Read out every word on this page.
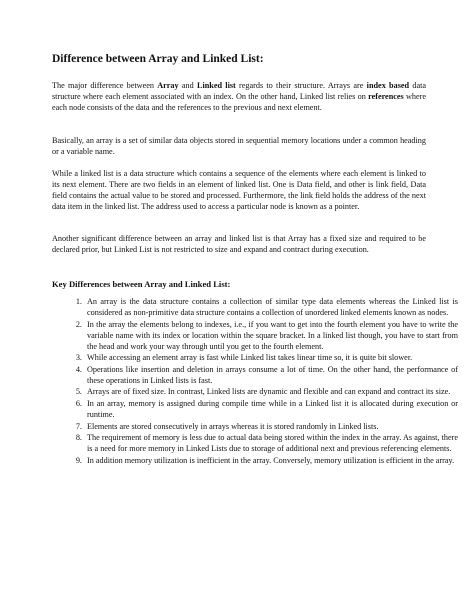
Difference between Array and Linked List:
The major difference between Array and Linked list regards to their structure. Arrays are index based data structure where each element associated with an index. On the other hand, Linked list relies on references where each node consists of the data and the references to the previous and next element.
Basically, an array is a set of similar data objects stored in sequential memory locations under a common heading or a variable name.
While a linked list is a data structure which contains a sequence of the elements where each element is linked to its next element. There are two fields in an element of linked list. One is Data field, and other is link field, Data field contains the actual value to be stored and processed. Furthermore, the link field holds the address of the next data item in the linked list. The address used to access a particular node is known as a pointer.
Another significant difference between an array and linked list is that Array has a fixed size and required to be declared prior, but Linked List is not restricted to size and expand and contract during execution.
Key Differences between Array and Linked List:
1. An array is the data structure contains a collection of similar type data elements whereas the Linked list is considered as non-primitive data structure contains a collection of unordered linked elements known as nodes.
2. In the array the elements belong to indexes, i.e., if you want to get into the fourth element you have to write the variable name with its index or location within the square bracket. In a linked list though, you have to start from the head and work your way through until you get to the fourth element.
3. While accessing an element array is fast while Linked list takes linear time so, it is quite bit slower.
4. Operations like insertion and deletion in arrays consume a lot of time. On the other hand, the performance of these operations in Linked lists is fast.
5. Arrays are of fixed size. In contrast, Linked lists are dynamic and flexible and can expand and contract its size.
6. In an array, memory is assigned during compile time while in a Linked list it is allocated during execution or runtime.
7. Elements are stored consecutively in arrays whereas it is stored randomly in Linked lists.
8. The requirement of memory is less due to actual data being stored within the index in the array. As against, there is a need for more memory in Linked Lists due to storage of additional next and previous referencing elements.
9. In addition memory utilization is inefficient in the array. Conversely, memory utilization is efficient in the array.
